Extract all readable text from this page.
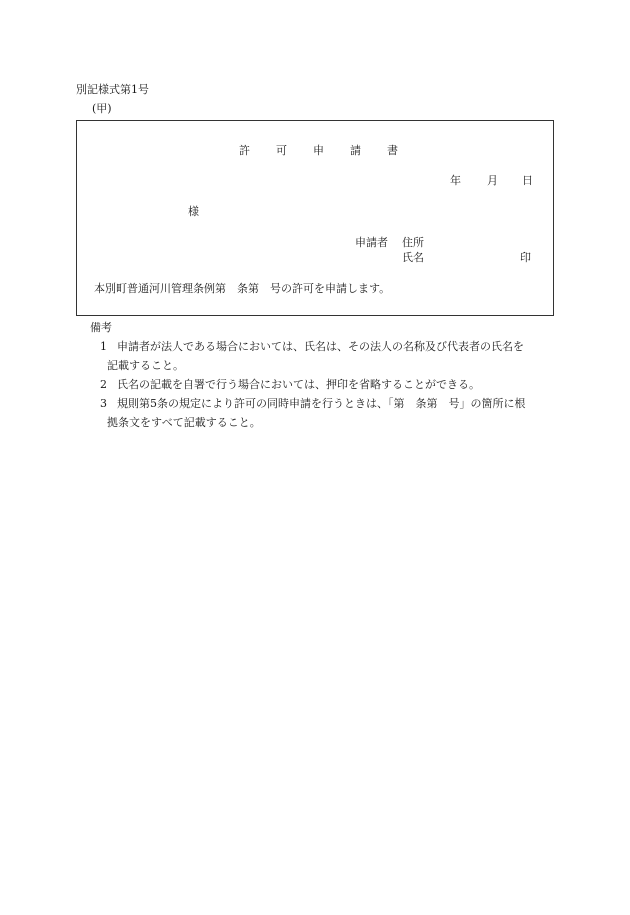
別記様式第1号
(甲)
許 可 申 請 書
年 月 日
様
申請者 住所
氏名	印
本別町普通河川管理条例第　条第　号の許可を申請します。
備考
1 申請者が法人である場合においては、氏名は、その法人の名称及び代表者の氏名を
記載すること。
2 氏名の記載を自署で行う場合においては、押印を省略することができる。
3 規則第5条の規定により許可の同時申請を行うときは、「第　条第　号」の箇所に根
拠条文をすべて記載すること。
